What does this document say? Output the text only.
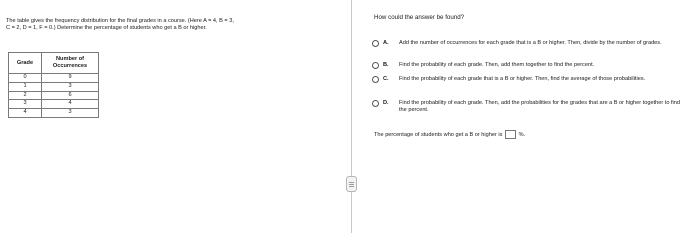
The table gives the frequency distribution for the final grades in a course. (Here A = 4, B = 3,
C = 2, D = 1, F = 0.) Determine the percentage of students who get a B or higher.
Grade	Number of
Occurrences

0	9
1	3
2	6
3	4
4	3
How could the answer be found?
A. Add the number of occurrences for each grade that is a B or higher. Then, divide by the number of grades.
B. Find the probability of each grade. Then, add them together to find the percent.
C. Find the probability of each grade that is a B or higher. Then, find the average of those probabilities.
D. Find the probability of each grade. Then, add the probabilities for the grades that are a B or higher together to find the percent.
The percentage of students who get a B or higher is	%.
